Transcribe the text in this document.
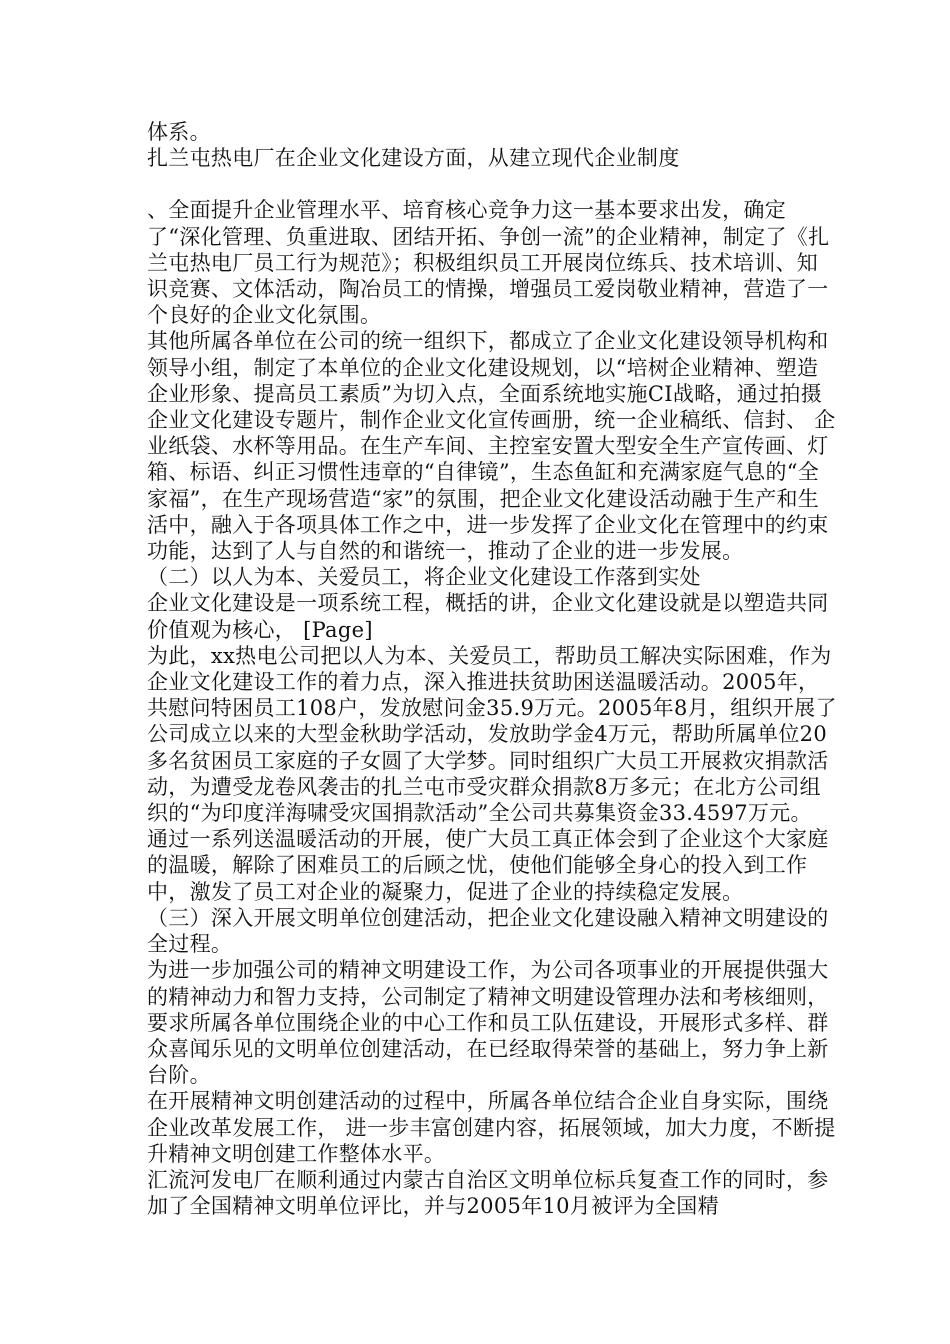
体系。

扎兰屯热电厂在企业文化建设方面，从建立现代企业制度

、全面提升企业管理水平、培育核心竞争力这一基本要求出发，确定了“深化管理、负重进取、团结开拓、争创一流”的企业精神，制定了《扎兰屯热电厂员工行为规范》；积极组织员工开展岗位练兵、技术培训、知识竞赛、文体活动，陶冶员工的情操，增强员工爱岗敬业精神，营造了一个良好的企业文化氛围。

其他所属各单位在公司的统一组织下，都成立了企业文化建设领导机构和领导小组，制定了本单位的企业文化建设规划，以“培树企业精神、塑造企业形象、提高员工素质”为切入点，全面系统地实施CI战略，通过拍摄企业文化建设专题片，制作企业文化宣传画册，统一企业稿纸、信封、 企业纸袋、水杯等用品。在生产车间、主控室安置大型安全生产宣传画、灯箱、标语、纠正习惯性违章的“自律镜”，生态鱼缸和充满家庭气息的“全家福”，在生产现场营造“家”的氛围，把企业文化建设活动融于生产和生活中，融入于各项具体工作之中，进一步发挥了企业文化在管理中的约束功能，达到了人与自然的和谐统一，推动了企业的进一步发展。

（二）以人为本、关爱员工，将企业文化建设工作落到实处

企业文化建设是一项系统工程，概括的讲，企业文化建设就是以塑造共同价值观为核心， [Page]

为此，xx热电公司把以人为本、关爱员工，帮助员工解决实际困难，作为企业文化建设工作的着力点，深入推进扶贫助困送温暖活动。2005年，共慰问特困员工108户，发放慰问金35.9万元。2005年8月，组织开展了公司成立以来的大型金秋助学活动，发放助学金4万元，帮助所属单位20多名贫困员工家庭的子女圆了大学梦。同时组织广大员工开展救灾捐款活动，为遭受龙卷风袭击的扎兰屯市受灾群众捐款8万多元；在北方公司组织的“为印度洋海啸受灾国捐款活动”全公司共募集资金33.4597万元。

通过一系列送温暖活动的开展，使广大员工真正体会到了企业这个大家庭的温暖，解除了困难员工的后顾之忧，使他们能够全身心的投入到工作中，激发了员工对企业的凝聚力，促进了企业的持续稳定发展。

（三）深入开展文明单位创建活动，把企业文化建设融入精神文明建设的全过程。

为进一步加强公司的精神文明建设工作，为公司各项事业的开展提供强大的精神动力和智力支持，公司制定了精神文明建设管理办法和考核细则，要求所属各单位围绕企业的中心工作和员工队伍建设，开展形式多样、群众喜闻乐见的文明单位创建活动，在已经取得荣誉的基础上，努力争上新台阶。

在开展精神文明创建活动的过程中，所属各单位结合企业自身实际，围绕企业改革发展工作， 进一步丰富创建内容，拓展领域，加大力度，不断提升精神文明创建工作整体水平。

汇流河发电厂在顺利通过内蒙古自治区文明单位标兵复查工作的同时，参加了全国精神文明单位评比，并与2005年10月被评为全国精
